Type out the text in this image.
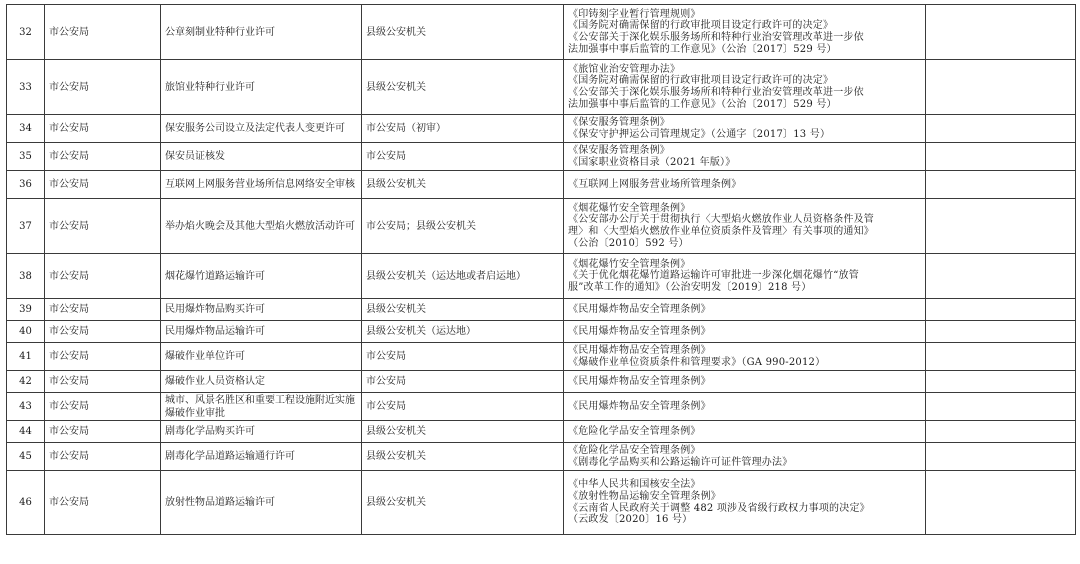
32	市公安局	公章刻制业特种行业许可	县级公安机关	《印铸刻字业暂行管理规则》
《国务院对确需保留的行政审批项目设定行政许可的决定》
《公安部关于深化娱乐服务场所和特种行业治安管理改革进一步依
法加强事中事后监管的工作意见》（公治〔2017〕529 号）	

33	市公安局	旅馆业特种行业许可	县级公安机关	《旅馆业治安管理办法》
《国务院对确需保留的行政审批项目设定行政许可的决定》
《公安部关于深化娱乐服务场所和特种行业治安管理改革进一步依
法加强事中事后监管的工作意见》（公治〔2017〕529 号）	

34	市公安局	保安服务公司设立及法定代表人变更许可	市公安局（初审）	《保安服务管理条例》
《保安守护押运公司管理规定》（公通字〔2017〕13 号）	

35	市公安局	保安员证核发	市公安局	《保安服务管理条例》
《国家职业资格目录（2021 年版）》	

36	市公安局	互联网上网服务营业场所信息网络安全审核	县级公安机关	《互联网上网服务营业场所管理条例》	

37	市公安局	举办焰火晚会及其他大型焰火燃放活动许可	市公安局；县级公安机关	《烟花爆竹安全管理条例》
《公安部办公厅关于贯彻执行〈大型焰火燃放作业人员资格条件及管
理〉和〈大型焰火燃放作业单位资质条件及管理〉有关事项的通知》
（公治〔2010〕592 号）	

38	市公安局	烟花爆竹道路运输许可	县级公安机关（运达地或者启运地）	《烟花爆竹安全管理条例》
《关于优化烟花爆竹道路运输许可审批进一步深化烟花爆竹“放管
服”改革工作的通知》（公治安明发〔2019〕218 号）	

39	市公安局	民用爆炸物品购买许可	县级公安机关	《民用爆炸物品安全管理条例》	

40	市公安局	民用爆炸物品运输许可	县级公安机关（运达地）	《民用爆炸物品安全管理条例》	

41	市公安局	爆破作业单位许可	市公安局	《民用爆炸物品安全管理条例》
《爆破作业单位资质条件和管理要求》（GA 990-2012）	

42	市公安局	爆破作业人员资格认定	市公安局	《民用爆炸物品安全管理条例》	

43	市公安局	城市、风景名胜区和重要工程设施附近实施爆破作业审批	市公安局	《民用爆炸物品安全管理条例》	

44	市公安局	剧毒化学品购买许可	县级公安机关	《危险化学品安全管理条例》	

45	市公安局	剧毒化学品道路运输通行许可	县级公安机关	《危险化学品安全管理条例》
《剧毒化学品购买和公路运输许可证件管理办法》	

46	市公安局	放射性物品道路运输许可	县级公安机关	《中华人民共和国核安全法》
《放射性物品运输安全管理条例》
《云南省人民政府关于调整 482 项涉及省级行政权力事项的决定》
（云政发〔2020〕16 号）	
